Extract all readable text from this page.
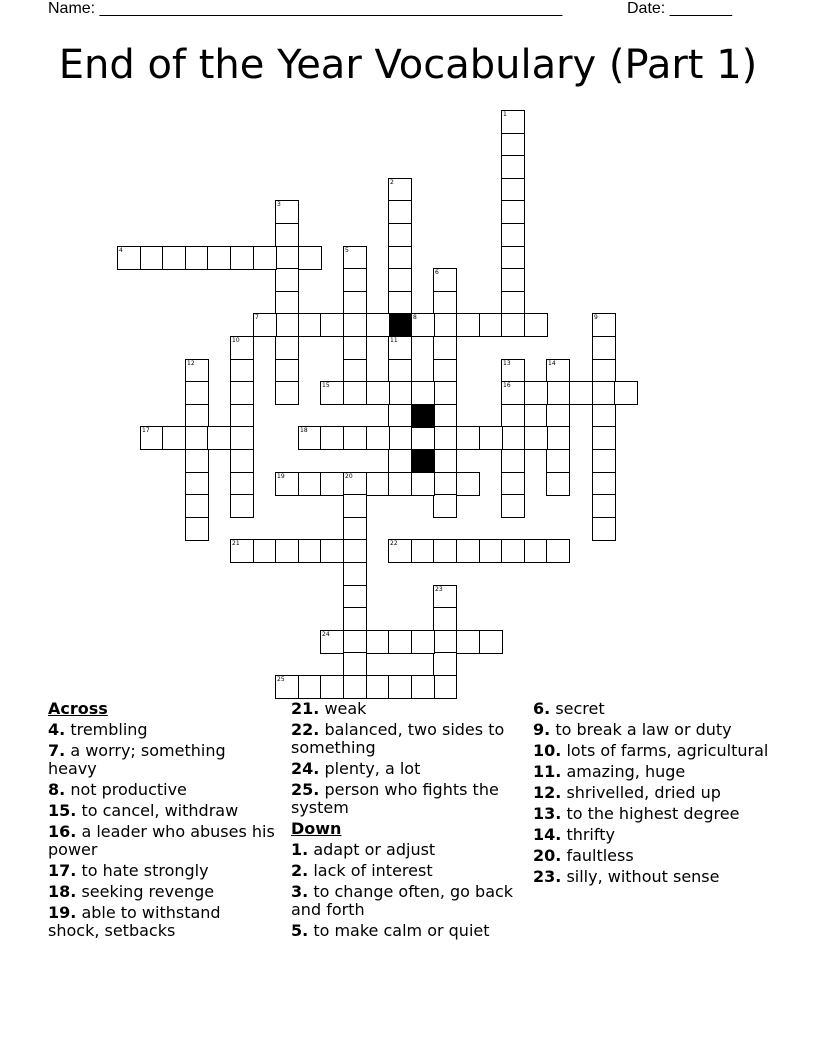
Name: ____________________________________________________	Date: _______
End of the Year Vocabulary (Part 1)
1
2
11
3
4	5
6
7	8	9
10
12	13
16
14
15
17	18
19	20
21	22
23
24
25
Across
4. trembling
7. a worry; something heavy
8. not productive
15. to cancel, withdraw
16. a leader who abuses his power
17. to hate strongly
18. seeking revenge
19. able to withstand shock, setbacks
21. weak
22. balanced, two sides to something
24. plenty, a lot
25. person who fights the system
Down
1. adapt or adjust
2. lack of interest
3. to change often, go back and forth
5. to make calm or quiet
6. secret
9. to break a law or duty
10. lots of farms, agricultural
11. amazing, huge
12. shrivelled, dried up
13. to the highest degree
14. thrifty
20. faultless
23. silly, without sense
